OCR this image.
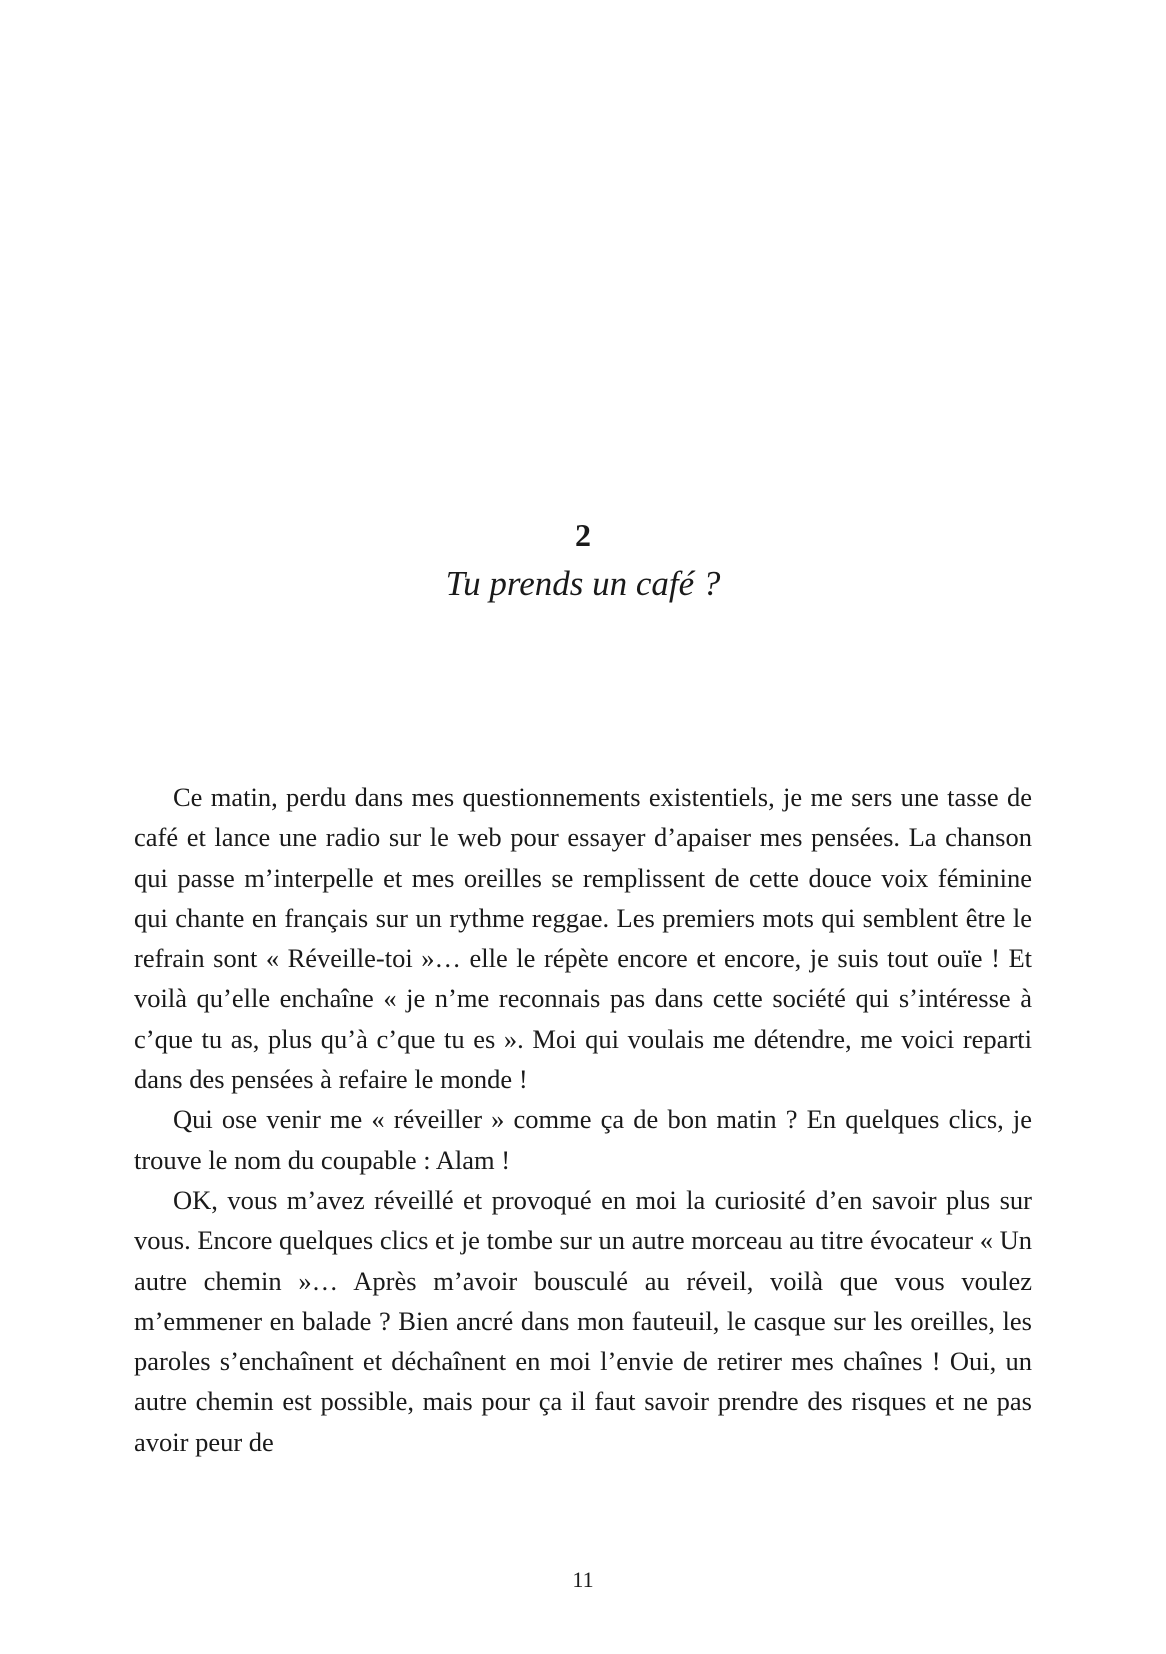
2
Tu prends un café ?

Ce matin, perdu dans mes questionnements existentiels, je me sers une tasse de café et lance une radio sur le web pour essayer d’apaiser mes pensées. La chanson qui passe m’interpelle et mes oreilles se remplissent de cette douce voix féminine qui chante en français sur un rythme reggae. Les premiers mots qui semblent être le refrain sont « Réveille-toi »… elle le répète encore et encore, je suis tout ouïe ! Et voilà qu’elle enchaîne « je n’me reconnais pas dans cette société qui s’intéresse à c’que tu as, plus qu’à c’que tu es ». Moi qui voulais me détendre, me voici reparti dans des pensées à refaire le monde !

Qui ose venir me « réveiller » comme ça de bon matin ? En quelques clics, je trouve le nom du coupable : Alam !

OK, vous m’avez réveillé et provoqué en moi la curiosité d’en savoir plus sur vous. Encore quelques clics et je tombe sur un autre morceau au titre évocateur « Un autre chemin »… Après m’avoir bousculé au réveil, voilà que vous voulez m’emmener en balade ? Bien ancré dans mon fauteuil, le casque sur les oreilles, les paroles s’enchaînent et déchaînent en moi l’envie de retirer mes chaînes ! Oui, un autre chemin est possible, mais pour ça il faut savoir prendre des risques et ne pas avoir peur de

11
